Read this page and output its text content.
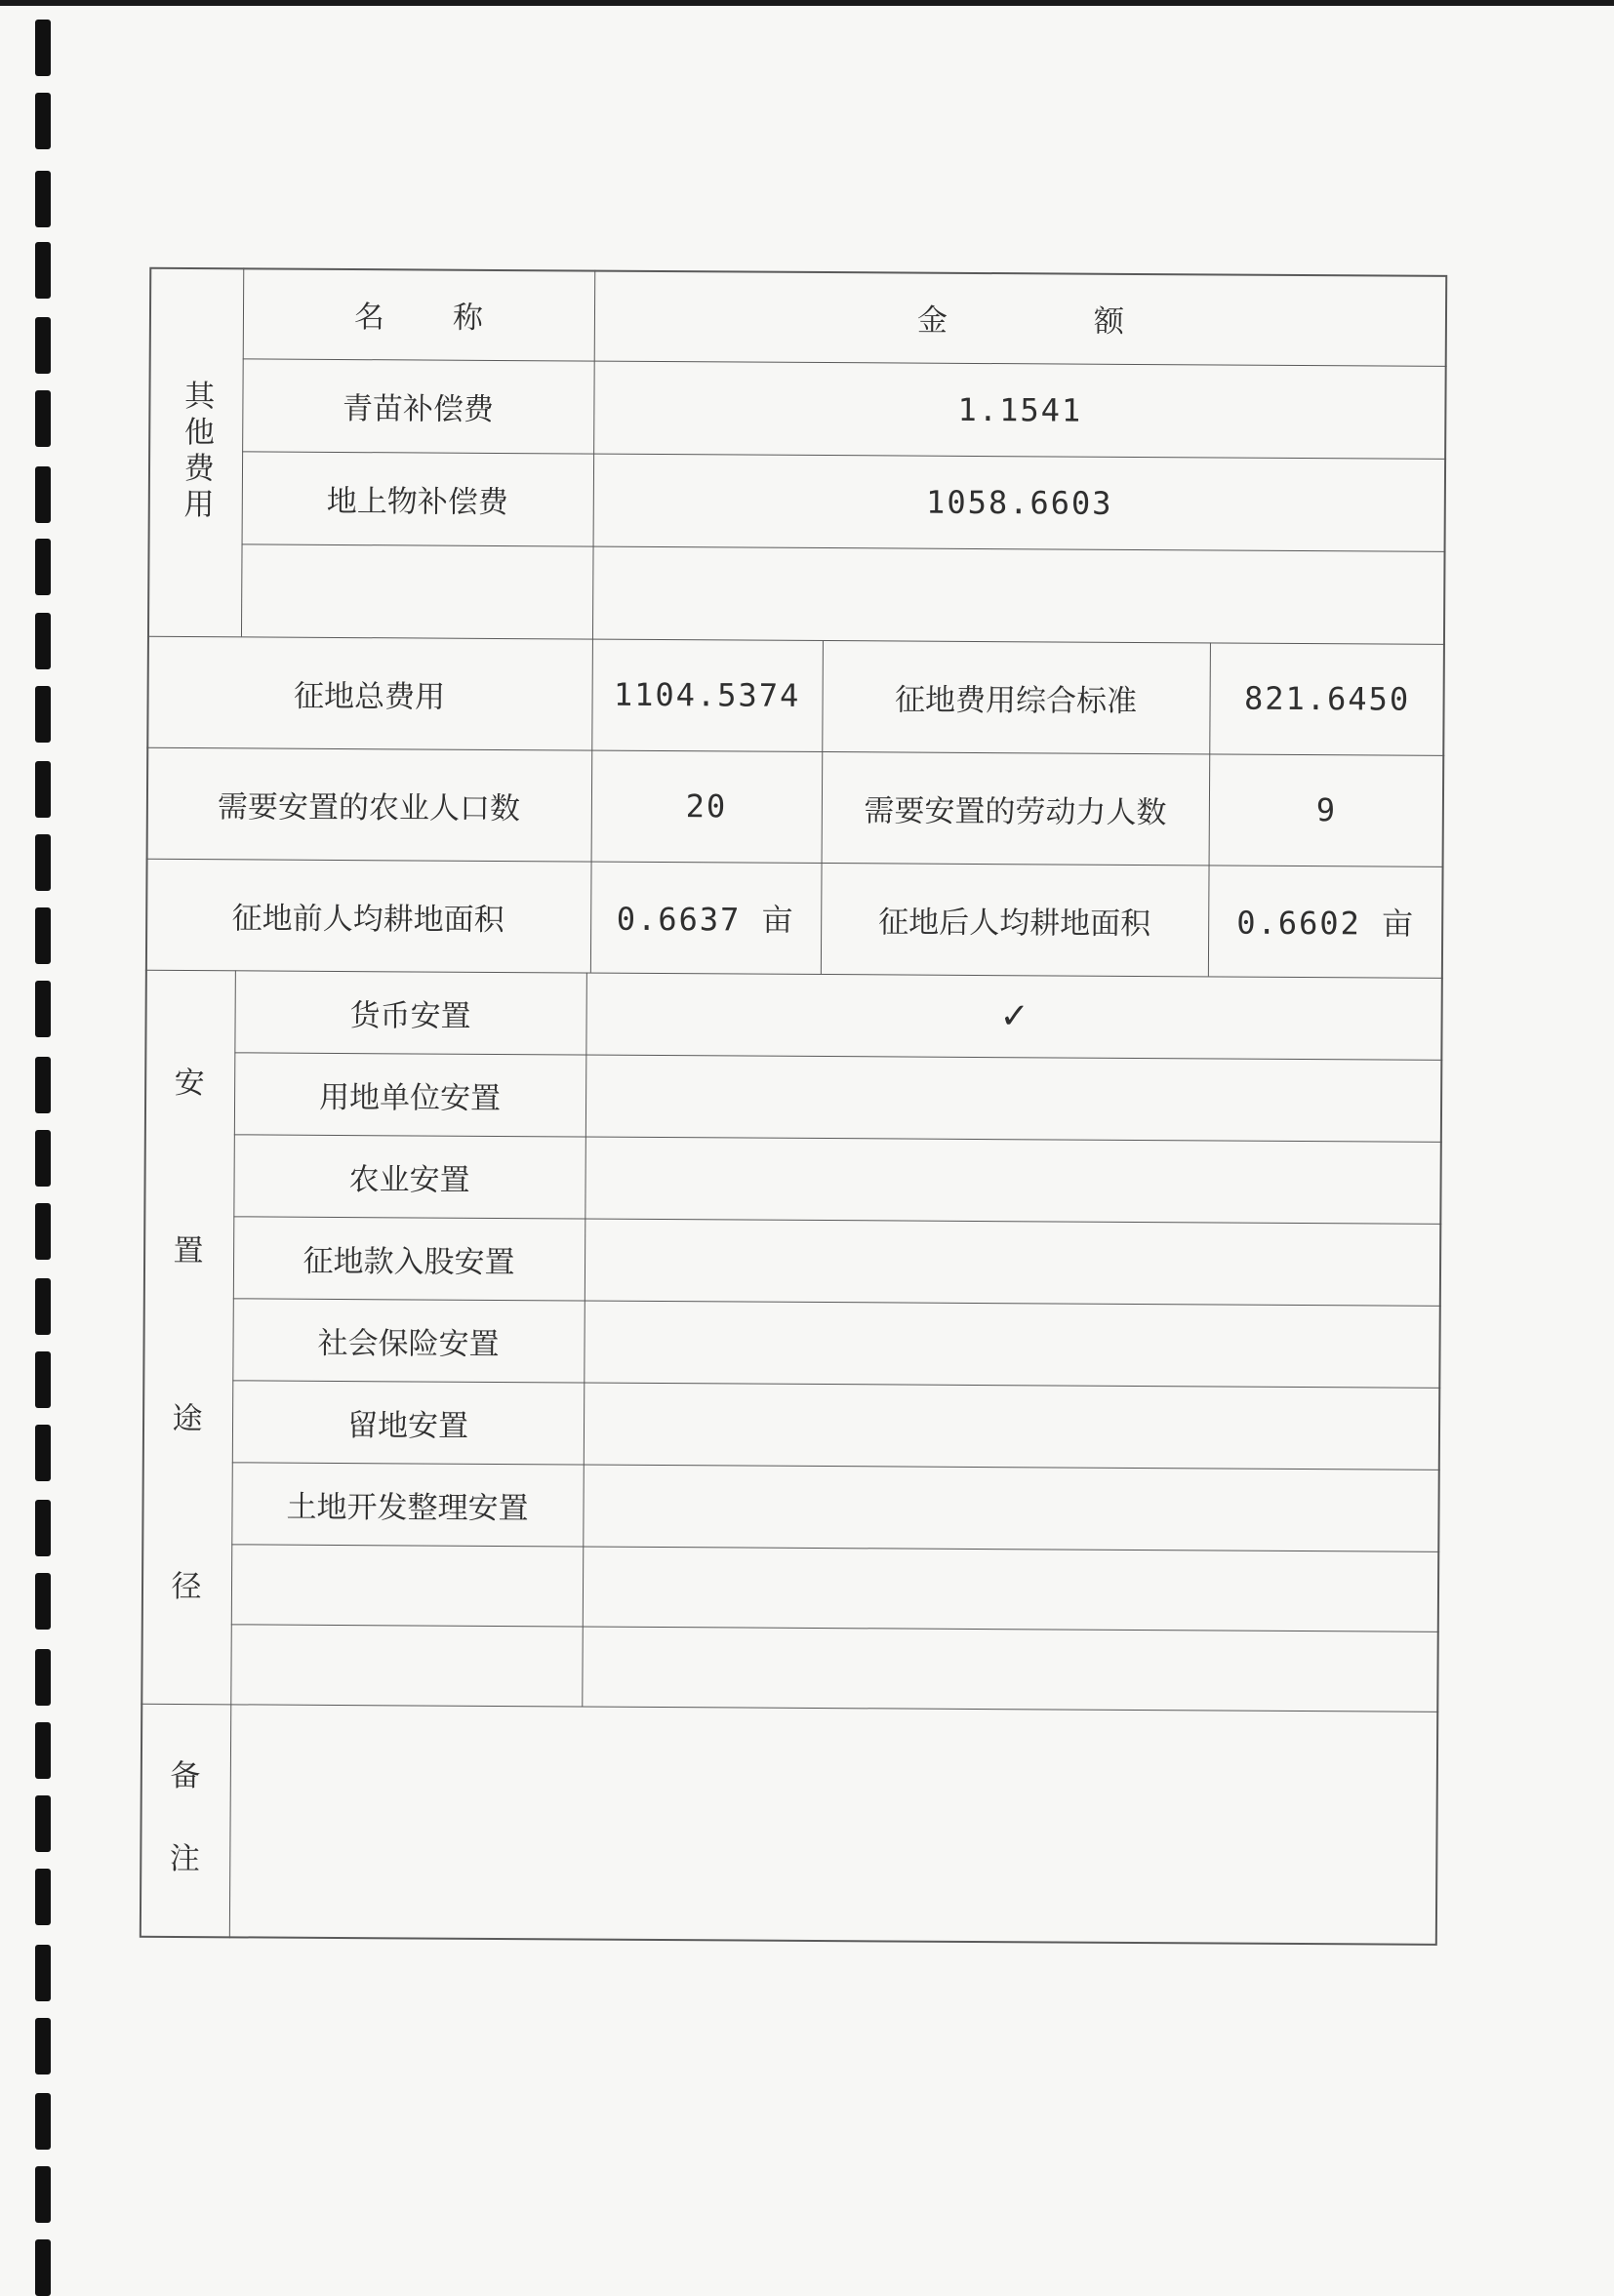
其他费用
名称	金额
青苗补偿费	1.1541
地上物补偿费	1058.6603
征地总费用	1104.5374	征地费用综合标准	821.6450
需要安置的农业人口数	20	需要安置的劳动力人数	9
征地前人均耕地面积	0.6637 亩	征地后人均耕地面积	0.6602 亩
安
置
途
径
货币安置	✓
用地单位安置
农业安置
征地款入股安置
社会保险安置
留地安置
土地开发整理安置
备
注
